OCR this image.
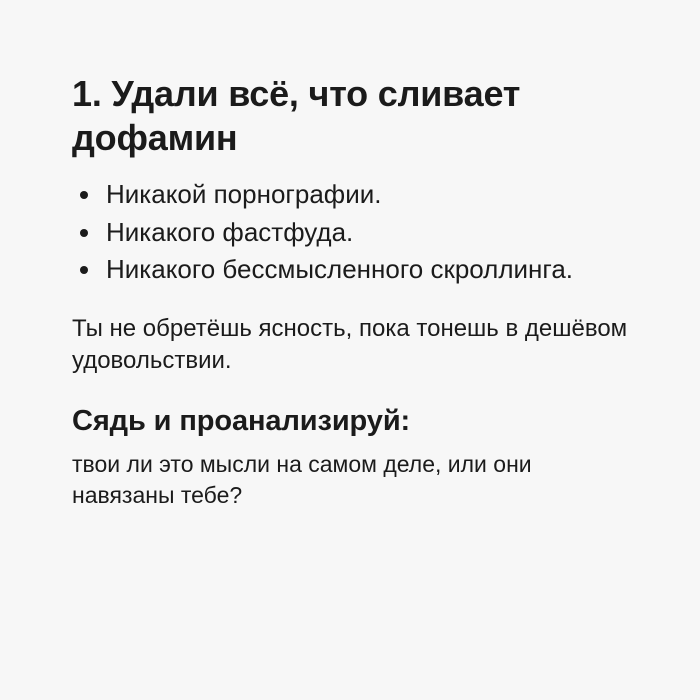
1. Удали всё, что сливает дофамин
Никакой порнографии.
Никакого фастфуда.
Никакого бессмысленного скроллинга.

Ты не обретёшь ясность, пока тонешь в дешёвом удовольствии.

Сядь и проанализируй:

твои ли это мысли на самом деле, или они навязаны тебе?
